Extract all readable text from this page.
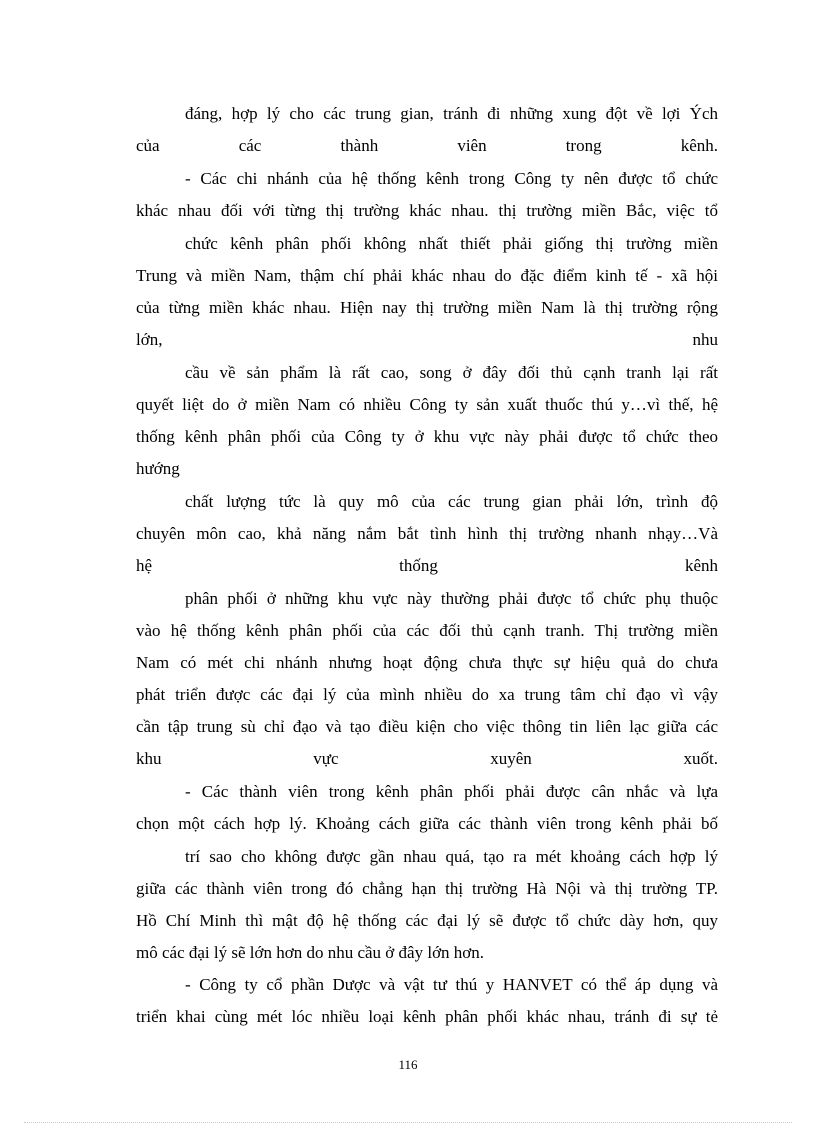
đáng, hợp lý cho các trung gian, tránh đi những xung đột về lợi Ých
của các thành viên trong kênh.
- Các chi nhánh của hệ thống kênh trong Công ty nên được tổ chức
khác nhau đối với từng thị trường khác nhau. thị trường miền Bắc, việc tổ
chức kênh phân phối không nhất thiết phải giống thị trường miền
Trung và miền Nam, thậm chí phải khác nhau do đặc điểm kinh tế - xã hội
của từng miền khác nhau. Hiện nay thị trường miền Nam là thị trường rộng
lớn, nhu
cầu về sản phẩm là rất cao, song ở đây đối thủ cạnh tranh lại rất
quyết liệt do ở miền Nam có nhiều Công ty sản xuất thuốc thú y…vì thế, hệ
thống kênh phân phối của Công ty ở khu vực này phải được tổ chức theo
hướng
chất lượng tức là quy mô của các trung gian phải lớn, trình độ
chuyên môn cao, khả năng nắm bắt tình hình thị trường nhanh nhạy…Và
hệ thống kênh
phân phối ở những khu vực này thường phải được tổ chức phụ thuộc
vào hệ thống kênh phân phối của các đối thủ cạnh tranh. Thị trường miền
Nam có mét chi nhánh nhưng hoạt động chưa thực sự hiệu quả do chưa
phát triển được các đại lý của mình nhiều do xa trung tâm chỉ đạo vì vậy
cần tập trung sù chỉ đạo và tạo điều kiện cho việc thông tin liên lạc giữa các
khu vực xuyên xuốt.
- Các thành viên trong kênh phân phối phải được cân nhắc và lựa
chọn một cách hợp lý. Khoảng cách giữa các thành viên trong kênh phải bố
trí sao cho không được gần nhau quá, tạo ra mét khoảng cách hợp lý
giữa các thành viên trong đó chẳng hạn thị trường Hà Nội và thị trường TP.
Hồ Chí Minh thì mật độ hệ thống các đại lý sẽ được tổ chức dày hơn, quy
mô các đại lý sẽ lớn hơn do nhu cầu ở đây lớn hơn.
- Công ty cổ phần Dược và vật tư thú y HANVET có thể áp dụng và
triển khai cùng mét lóc nhiều loại kênh phân phối khác nhau, tránh đi sự tẻ
116
